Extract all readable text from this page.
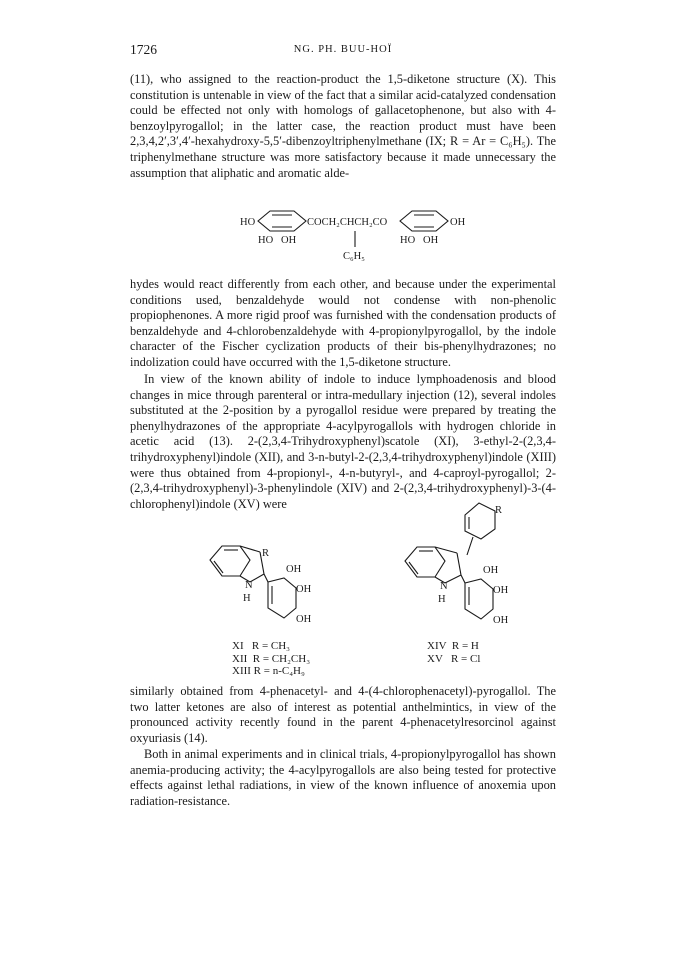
1726	NG. PH. BUU-HOÏ

(11), who assigned to the reaction-product the 1,5-diketone structure (X). This constitution is untenable in view of the fact that a similar acid-catalyzed condensation could be effected not only with homologs of gallacetophenone, but also with 4-benzoylpyrogallol; in the latter case, the reaction product must have been 2,3,4,2′,3′,4′-hexahydroxy-5,5′-dibenzoyltriphenylmethane (IX; R = Ar = C₆H₅). The triphenylmethane structure was more satisfactory because it made unnecessary the assumption that aliphatic and aromatic alde-

HO	COCH₂CHCH₂CO	OH
HO   OH	HO   OH
C₆H₅

hydes would react differently from each other, and because under the experimental conditions used, benzaldehyde would not condense with non-phenolic propiophenones. A more rigid proof was furnished with the condensation products of benzaldehyde and 4-chlorobenzaldehyde with 4-propionylpyrogallol, by the indole character of the Fischer cyclization products of their bis-phenylhydrazones; no indolization could have occurred with the 1,5-diketone structure.

In view of the known ability of indole to induce lymphoadenosis and blood changes in mice through parenteral or intra-medullary injection (12), several indoles substituted at the 2-position by a pyrogallol residue were prepared by treating the phenylhydrazones of the appropriate 4-acylpyrogallols with hydrogen chloride in acetic acid (13). 2-(2,3,4-Trihydroxyphenyl)scatole (XI), 3-ethyl-2-(2,3,4-trihydroxyphenyl)indole (XII), and 3-n-butyl-2-(2,3,4-trihydroxyphenyl)indole (XIII) were thus obtained from 4-propionyl-, 4-n-butyryl-, and 4-caproyl-pyrogallol; 2-(2,3,4-trihydroxyphenyl)-3-phenylindole (XIV) and 2-(2,3,4-trihydroxyphenyl)-3-(4-chlorophenyl)indole (XV) were

R
N
H
OH
OH
OH
R
N
H
OH
OH
OH
XI   R = CH₃
XII  R = CH₂CH₃
XIII R = n-C₄H₉
XIV  R = H
XV   R = Cl

similarly obtained from 4-phenacetyl- and 4-(4-chlorophenacetyl)-pyrogallol. The two latter ketones are also of interest as potential anthelmintics, in view of the pronounced activity recently found in the parent 4-phenacetylresorcinol against oxyuriasis (14).

Both in animal experiments and in clinical trials, 4-propionylpyrogallol has shown anemia-producing activity; the 4-acylpyrogallols are also being tested for protective effects against lethal radiations, in view of the known influence of anoxemia upon radiation-resistance.
